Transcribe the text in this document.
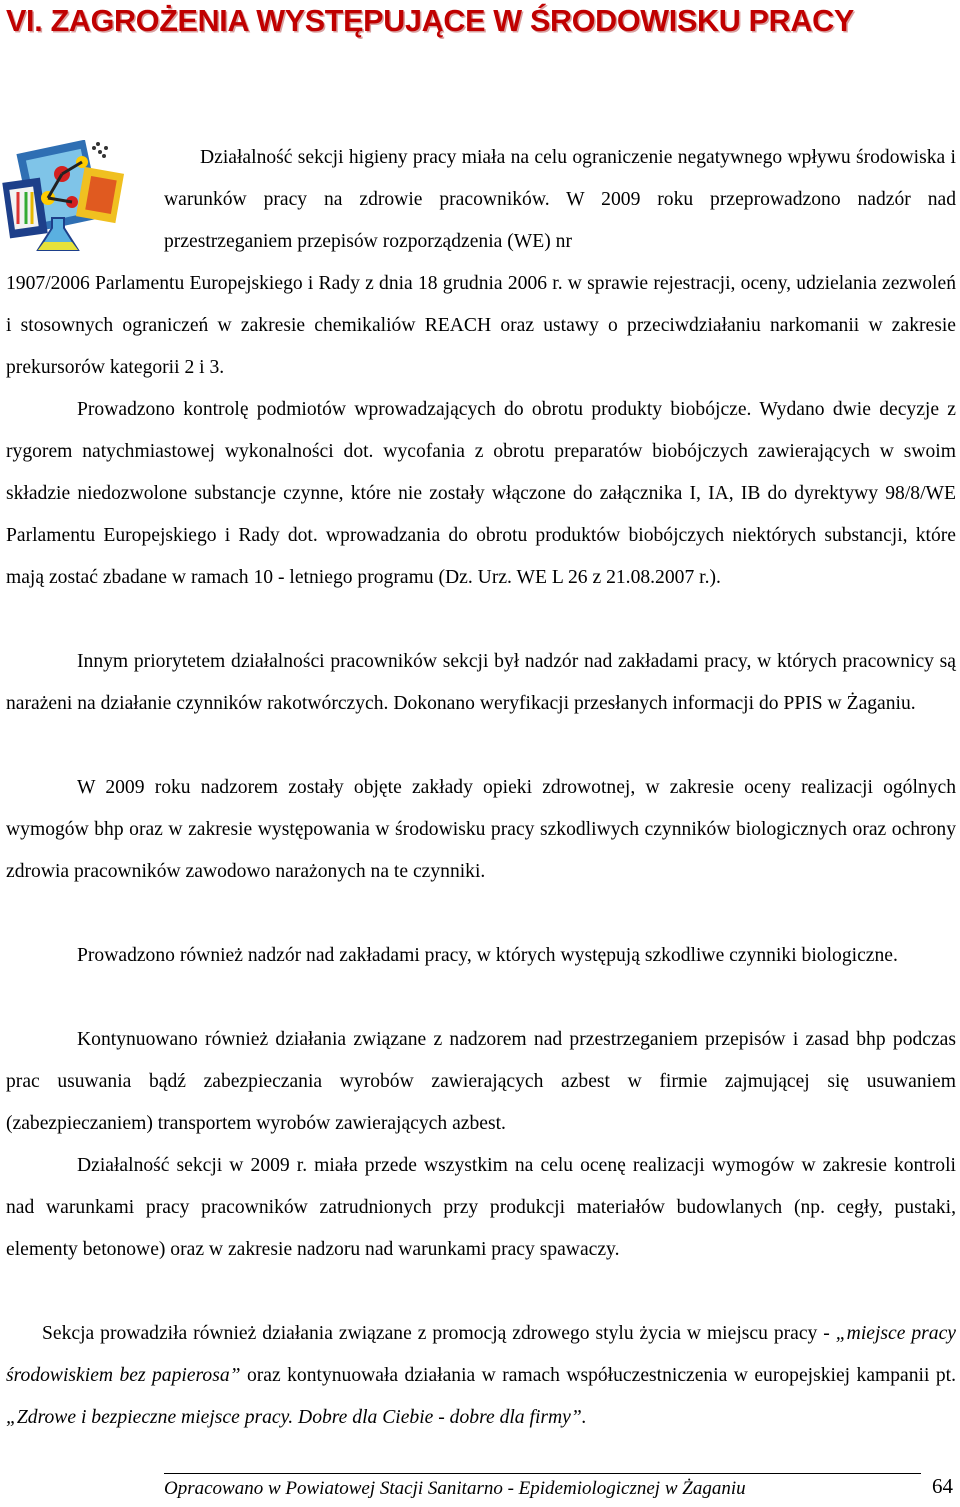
VI. ZAGROŻENIA WYSTĘPUJĄCE W ŚRODOWISKU PRACY

Działalność sekcji higieny pracy miała na celu ograniczenie negatywnego wpływu środowiska i warunków pracy na zdrowie pracowników. W 2009 roku przeprowadzono nadzór nad przestrzeganiem przepisów rozporządzenia (WE) nr

1907/2006 Parlamentu Europejskiego i Rady z dnia 18 grudnia 2006 r. w sprawie rejestracji, oceny, udzielania zezwoleń i stosownych ograniczeń w zakresie chemikaliów REACH oraz ustawy o przeciwdziałaniu narkomanii w zakresie prekursorów kategorii 2 i 3.

Prowadzono kontrolę podmiotów wprowadzających do obrotu produkty biobójcze. Wydano dwie decyzje z rygorem natychmiastowej wykonalności dot. wycofania z obrotu preparatów biobójczych zawierających w swoim składzie niedozwolone substancje czynne, które nie zostały włączone do załącznika I, IA, IB do dyrektywy 98/8/WE Parlamentu Europejskiego i Rady dot. wprowadzania do obrotu produktów biobójczych niektórych substancji, które mają zostać zbadane w ramach 10 - letniego programu (Dz. Urz. WE L 26 z 21.08.2007 r.).

Innym priorytetem działalności pracowników sekcji był nadzór nad zakładami pracy, w których pracownicy są narażeni na działanie czynników rakotwórczych. Dokonano weryfikacji przesłanych informacji do PPIS w Żaganiu.

W 2009 roku nadzorem zostały objęte zakłady opieki zdrowotnej, w zakresie oceny realizacji ogólnych wymogów bhp oraz w zakresie występowania w środowisku pracy szkodliwych czynników biologicznych oraz ochrony zdrowia pracowników zawodowo narażonych na te czynniki.

Prowadzono również nadzór nad zakładami pracy, w których występują szkodliwe czynniki biologiczne.

Kontynuowano również działania związane z nadzorem nad przestrzeganiem przepisów i zasad bhp podczas prac usuwania bądź zabezpieczania wyrobów zawierających azbest w firmie zajmującej się usuwaniem (zabezpieczaniem) transportem wyrobów zawierających azbest.

Działalność sekcji w 2009 r. miała przede wszystkim na celu ocenę realizacji wymogów w zakresie kontroli nad warunkami pracy pracowników zatrudnionych przy produkcji materiałów budowlanych (np. cegły, pustaki, elementy betonowe) oraz w zakresie nadzoru nad warunkami pracy spawaczy.

Sekcja prowadziła również działania związane z promocją zdrowego stylu życia w miejscu pracy - „miejsce pracy środowiskiem bez papierosa” oraz kontynuowała działania w ramach współuczestniczenia w europejskiej kampanii pt. „Zdrowe i bezpieczne miejsce pracy. Dobre dla Ciebie - dobre dla firmy”.

Opracowano w Powiatowej Stacji Sanitarno - Epidemiologicznej w Żaganiu	64
